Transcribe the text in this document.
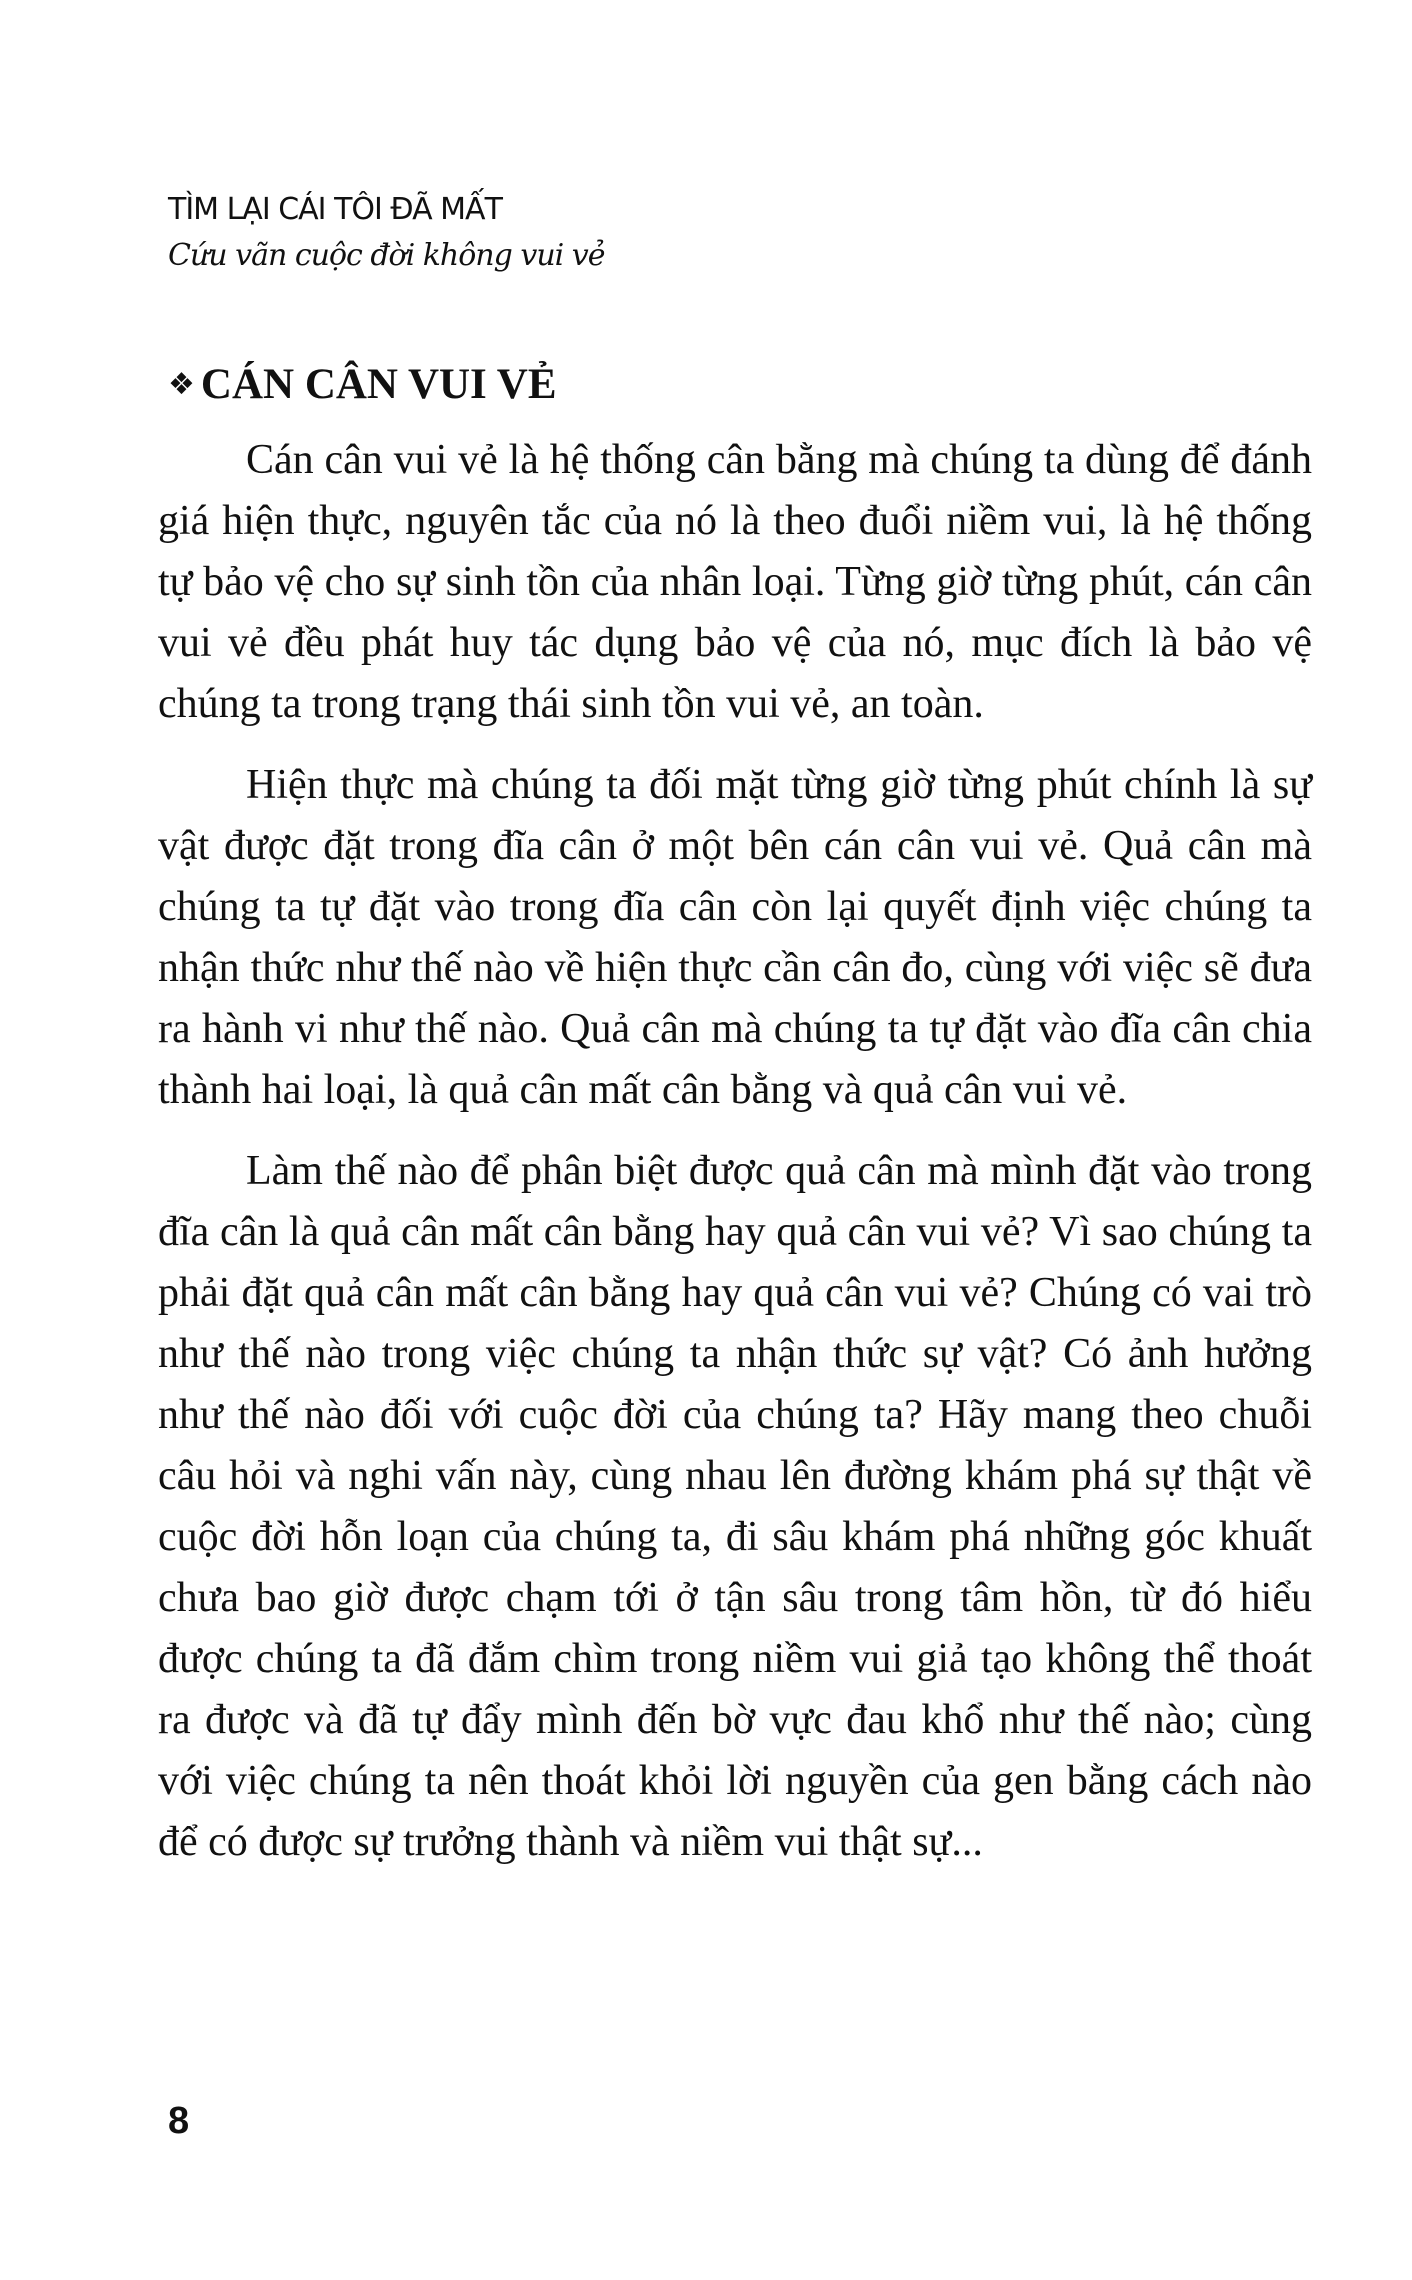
TÌM LẠI CÁI TÔI ĐÃ MẤT

Cứu vãn cuộc đời không vui vẻ

❖ CÁN CÂN VUI VẺ

Cán cân vui vẻ là hệ thống cân bằng mà chúng ta dùng để đánh giá hiện thực, nguyên tắc của nó là theo đuổi niềm vui, là hệ thống tự bảo vệ cho sự sinh tồn của nhân loại. Từng giờ từng phút, cán cân vui vẻ đều phát huy tác dụng bảo vệ của nó, mục đích là bảo vệ chúng ta trong trạng thái sinh tồn vui vẻ, an toàn.

Hiện thực mà chúng ta đối mặt từng giờ từng phút chính là sự vật được đặt trong đĩa cân ở một bên cán cân vui vẻ. Quả cân mà chúng ta tự đặt vào trong đĩa cân còn lại quyết định việc chúng ta nhận thức như thế nào về hiện thực cần cân đo, cùng với việc sẽ đưa ra hành vi như thế nào. Quả cân mà chúng ta tự đặt vào đĩa cân chia thành hai loại, là quả cân mất cân bằng và quả cân vui vẻ.

Làm thế nào để phân biệt được quả cân mà mình đặt vào trong đĩa cân là quả cân mất cân bằng hay quả cân vui vẻ? Vì sao chúng ta phải đặt quả cân mất cân bằng hay quả cân vui vẻ? Chúng có vai trò như thế nào trong việc chúng ta nhận thức sự vật? Có ảnh hưởng như thế nào đối với cuộc đời của chúng ta? Hãy mang theo chuỗi câu hỏi và nghi vấn này, cùng nhau lên đường khám phá sự thật về cuộc đời hỗn loạn của chúng ta, đi sâu khám phá những góc khuất chưa bao giờ được chạm tới ở tận sâu trong tâm hồn, từ đó hiểu được chúng ta đã đắm chìm trong niềm vui giả tạo không thể thoát ra được và đã tự đẩy mình đến bờ vực đau khổ như thế nào; cùng với việc chúng ta nên thoát khỏi lời nguyền của gen bằng cách nào để có được sự trưởng thành và niềm vui thật sự...

8
